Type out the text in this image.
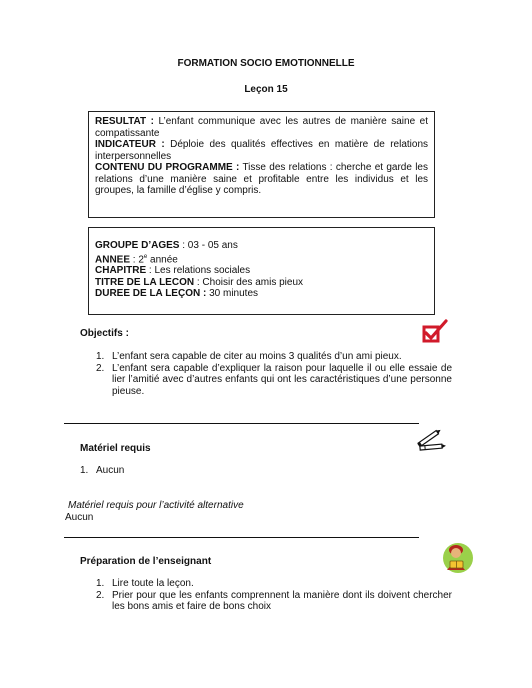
FORMATION SOCIO EMOTIONNELLE
Leçon 15

RESULTAT : L’enfant communique avec les autres de manière saine et compatissante

INDICATEUR : Déploie des qualités effectives en matière de relations interpersonnelles

CONTENU DU PROGRAMME : Tisse des relations : cherche et garde les relations d’une manière saine et profitable entre les individus et les groupes, la famille d’église y compris.

GROUPE D’AGES : 03 - 05 ans
ANNEE : 2e année
CHAPITRE : Les relations sociales
TITRE DE LA LECON : Choisir des amis pieux
DUREE DE LA LEÇON : 30 minutes
Objectifs :
1. L’enfant sera capable de citer au moins 3 qualités d’un ami pieux.
2. L’enfant sera capable d’expliquer la raison pour laquelle il ou elle essaie de lier l’amitié avec d’autres enfants qui ont les caractéristiques d’une personne pieuse.
Matériel requis
1. Aucun
Matériel requis pour l’activité alternative
Aucun
Préparation de l’enseignant
1. Lire toute la leçon.
2. Prier pour que les enfants comprennent la manière dont ils doivent chercher les bons amis et faire de bons choix
